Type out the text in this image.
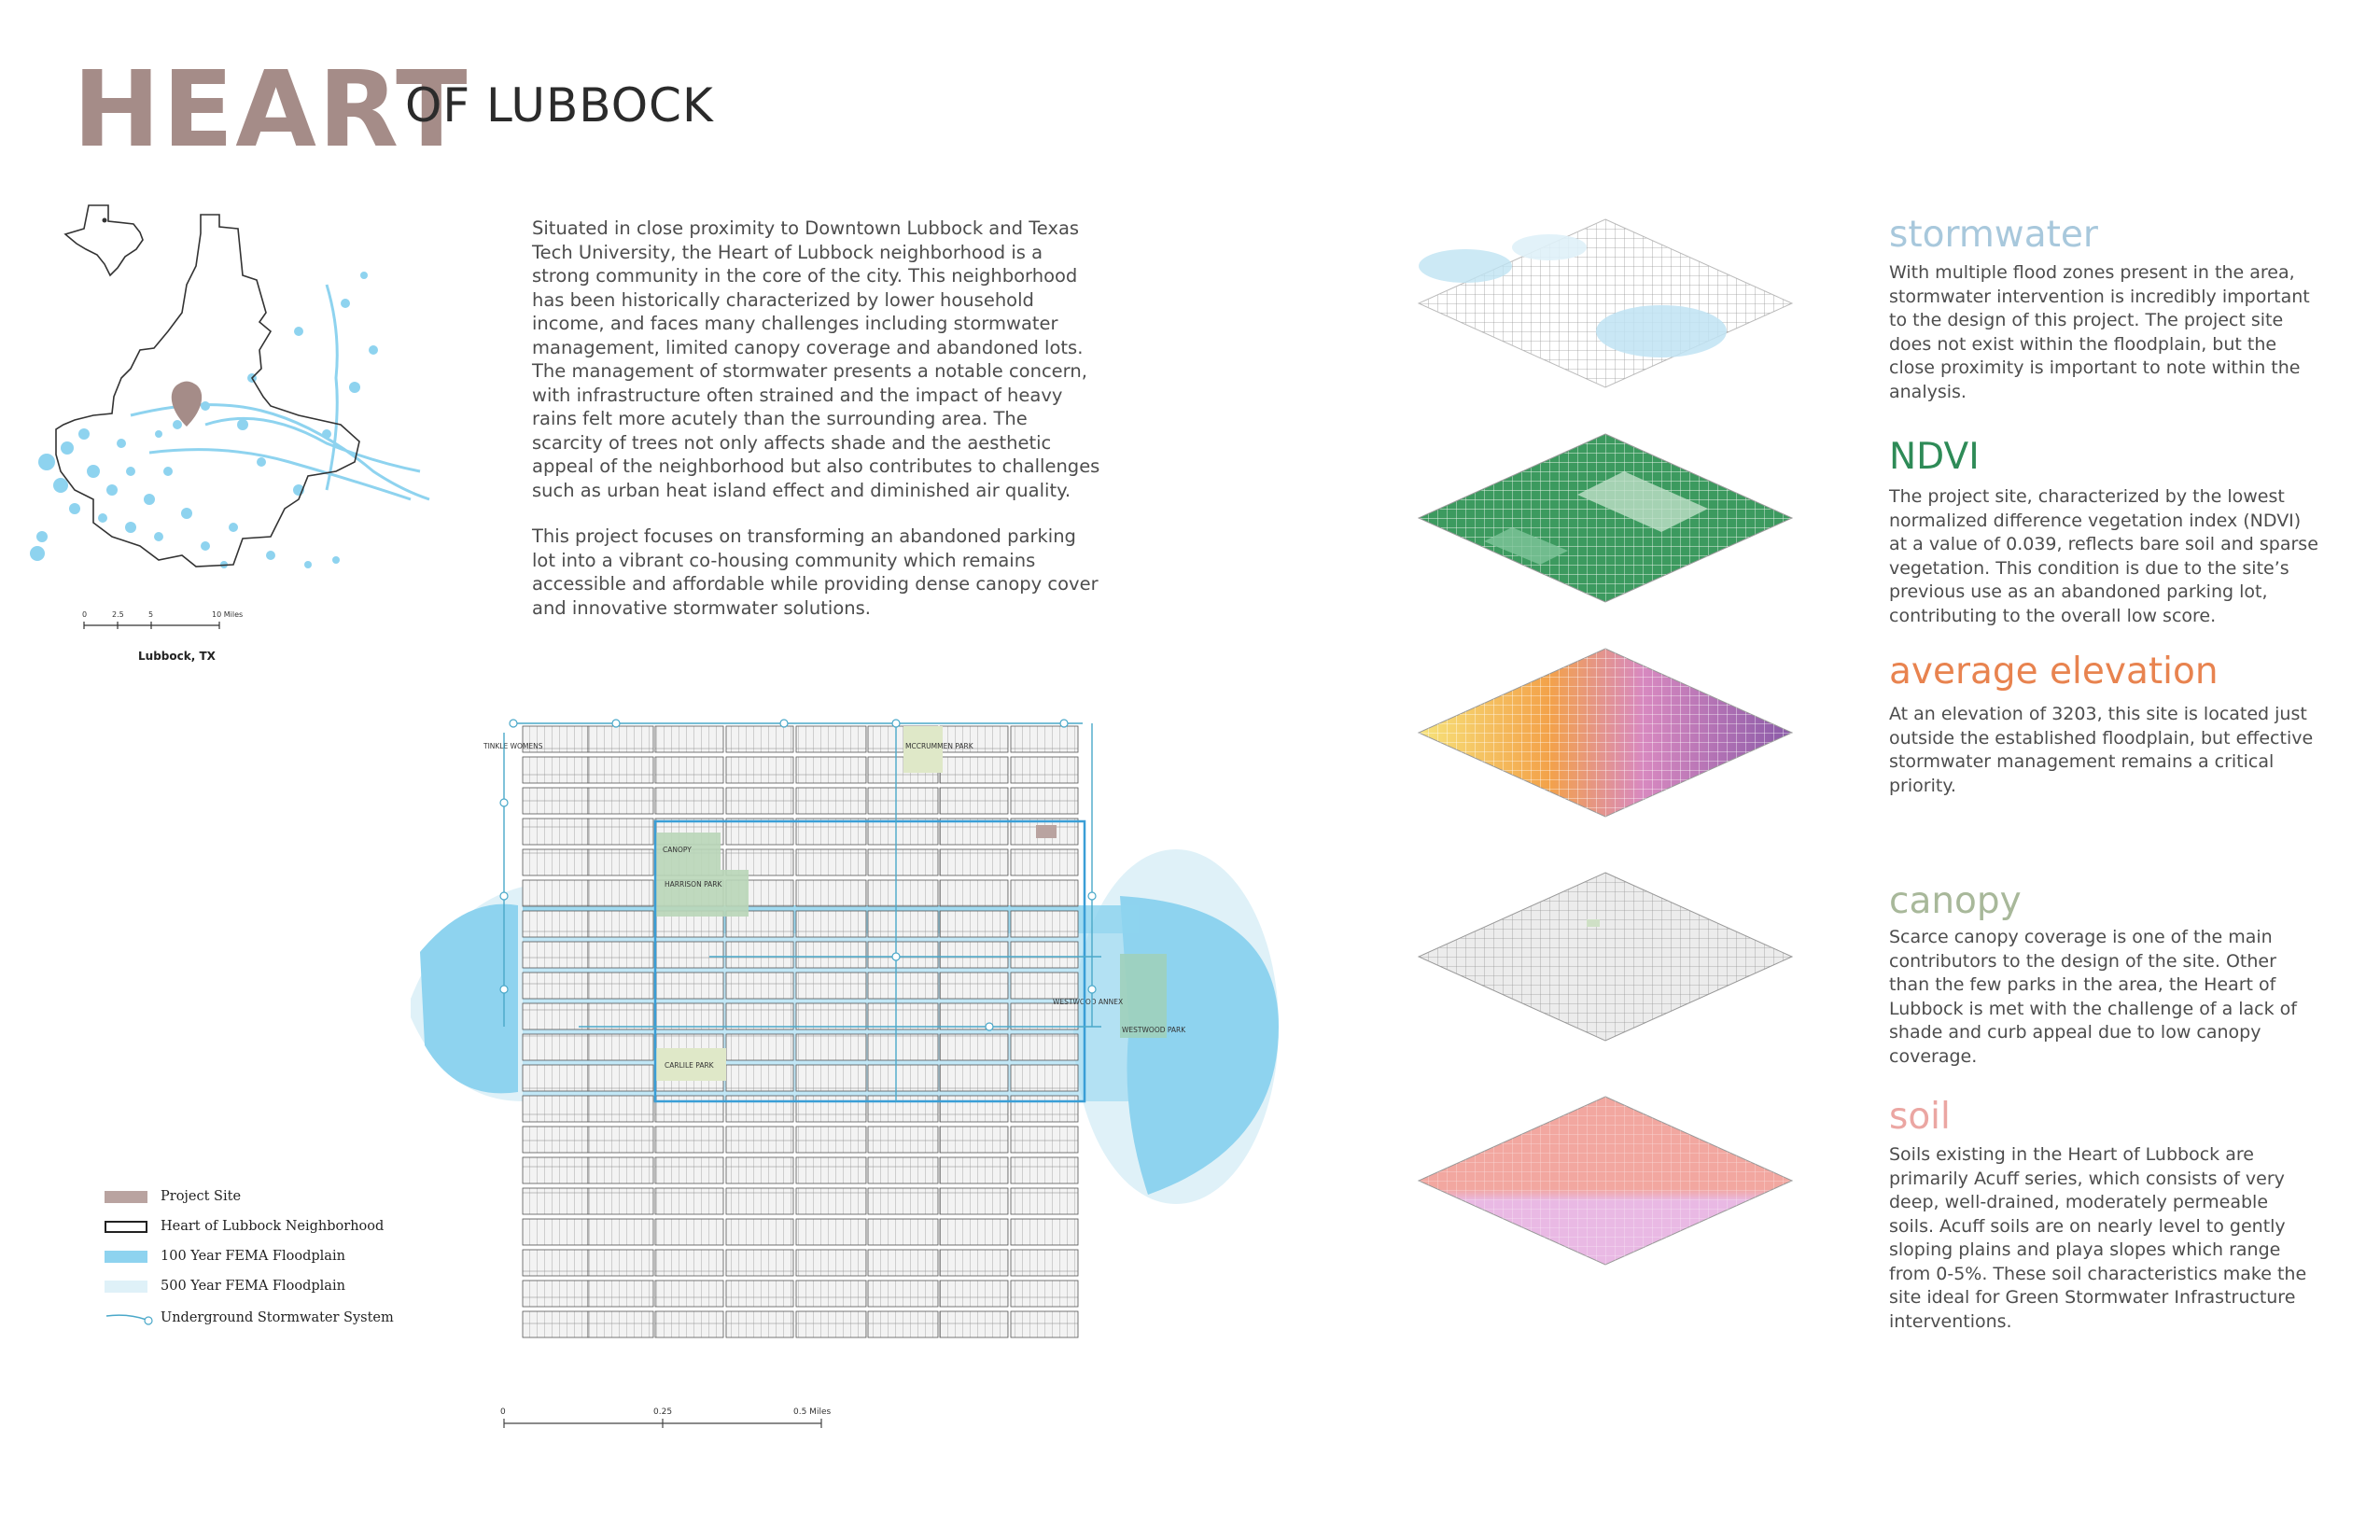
HEART
OF LUBBOCK
0	2.5	5	10 Miles
Lubbock, TX
Situated in close proximity to Downtown Lubbock and Texas Tech University, the Heart of Lubbock neighborhood is a strong community in the core of the city. This neighborhood has been historically characterized by lower household income, and faces many challenges including stormwater management, limited canopy coverage and abandoned lots. The management of stormwater presents a notable concern, with infrastructure often strained and the impact of heavy rains felt more acutely than the surrounding area. The scarcity of trees not only affects shade and the aesthetic appeal of the neighborhood but also contributes to challenges such as urban heat island effect and diminished air quality.
This project focuses on transforming an abandoned parking lot into a vibrant co-housing community which remains accessible and affordable while providing dense canopy cover and innovative stormwater solutions.
CANOPY
HARRISON PARK
CARLILE PARK
MCCRUMMEN PARK
WESTWOOD ANNEX
WESTWOOD PARK
TINKLE WOMENS
0	0.25	0.5 Miles
Project Site
Heart of Lubbock Neighborhood
100 Year FEMA Floodplain
500 Year FEMA Floodplain
Underground Stormwater System
stormwater
With multiple flood zones present in the area, stormwater intervention is incredibly important to the design of this project. The project site does not exist within the floodplain, but the close proximity is important to note within the analysis.
NDVI
The project site, characterized by the lowest normalized difference vegetation index (NDVI) at a value of 0.039, reflects bare soil and sparse vegetation. This condition is due to the site’s previous use as an abandoned parking lot, contributing to the overall low score.
average elevation
At an elevation of 3203, this site is located just outside the established floodplain, but effective stormwater management remains a critical priority.
canopy
Scarce canopy coverage is one of the main contributors to the design of the site. Other than the few parks in the area, the Heart of Lubbock is met with the challenge of a lack of shade and curb appeal due to low canopy coverage.
soil
Soils existing in the Heart of Lubbock are primarily Acuff series, which consists of very deep, well-drained, moderately permeable soils. Acuff soils are on nearly level to gently sloping plains and playa slopes which range from 0-5%. These soil characteristics make the site ideal for Green Stormwater Infrastructure interventions.
